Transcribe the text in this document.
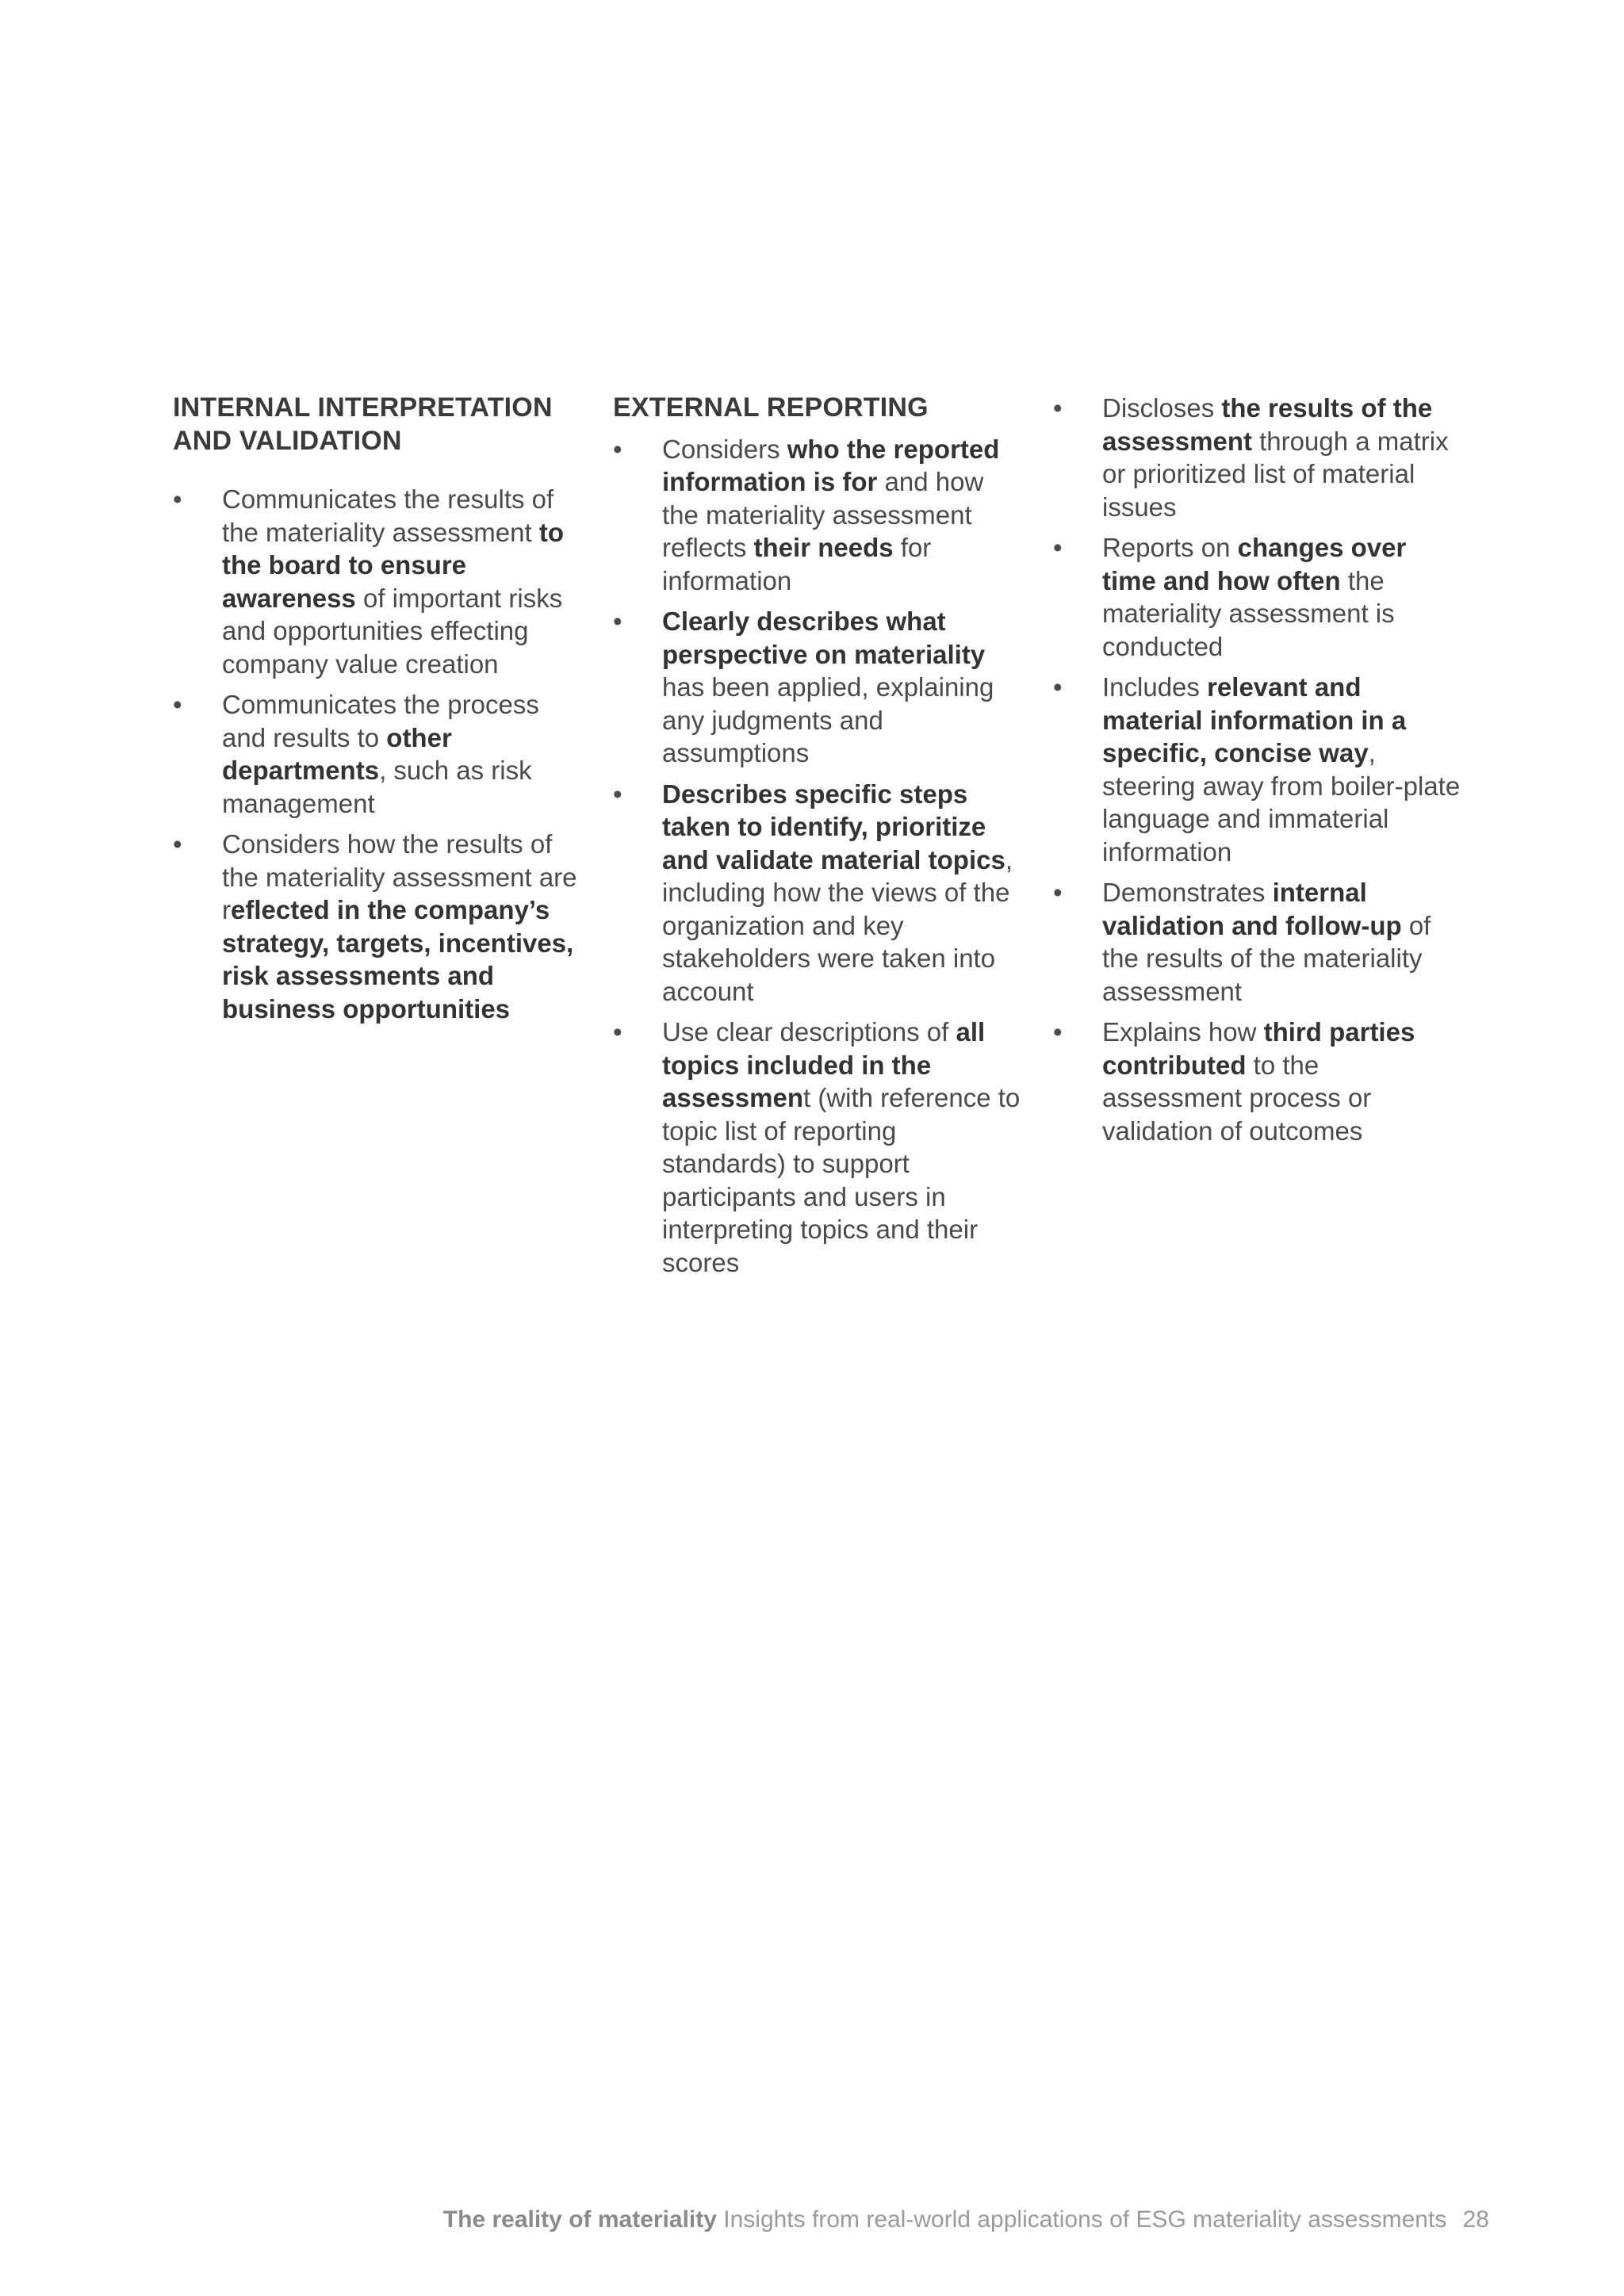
INTERNAL INTERPRETATION
AND VALIDATION
•	Communicates the results of the materiality assessment to the board to ensure awareness of important risks and opportunities effecting company value creation
•	Communicates the process and results to other departments, such as risk management
•	Considers how the results of the materiality assessment are reflected in the company’s strategy, targets, incentives, risk assessments and business opportunities
EXTERNAL REPORTING
•	Considers who the reported information is for and how the materiality assessment reflects their needs for information
•	Clearly describes what perspective on materiality has been applied, explaining any judgments and assumptions
•	Describes specific steps taken to identify, prioritize and validate material topics, including how the views of the organization and key stakeholders were taken into account
•	Use clear descriptions of all topics included in the assessment (with reference to topic list of reporting standards) to support participants and users in interpreting topics and their scores
•	Discloses the results of the assessment through a matrix or prioritized list of material issues
•	Reports on changes over time and how often the materiality assessment is conducted
•	Includes relevant and material information in a specific, concise way, steering away from boiler-plate language and immaterial information
•	Demonstrates internal validation and follow-up of the results of the materiality assessment
•	Explains how third parties contributed to the assessment process or validation of outcomes
The reality of materiality Insights from real-world applications of ESG materiality assessments 28
